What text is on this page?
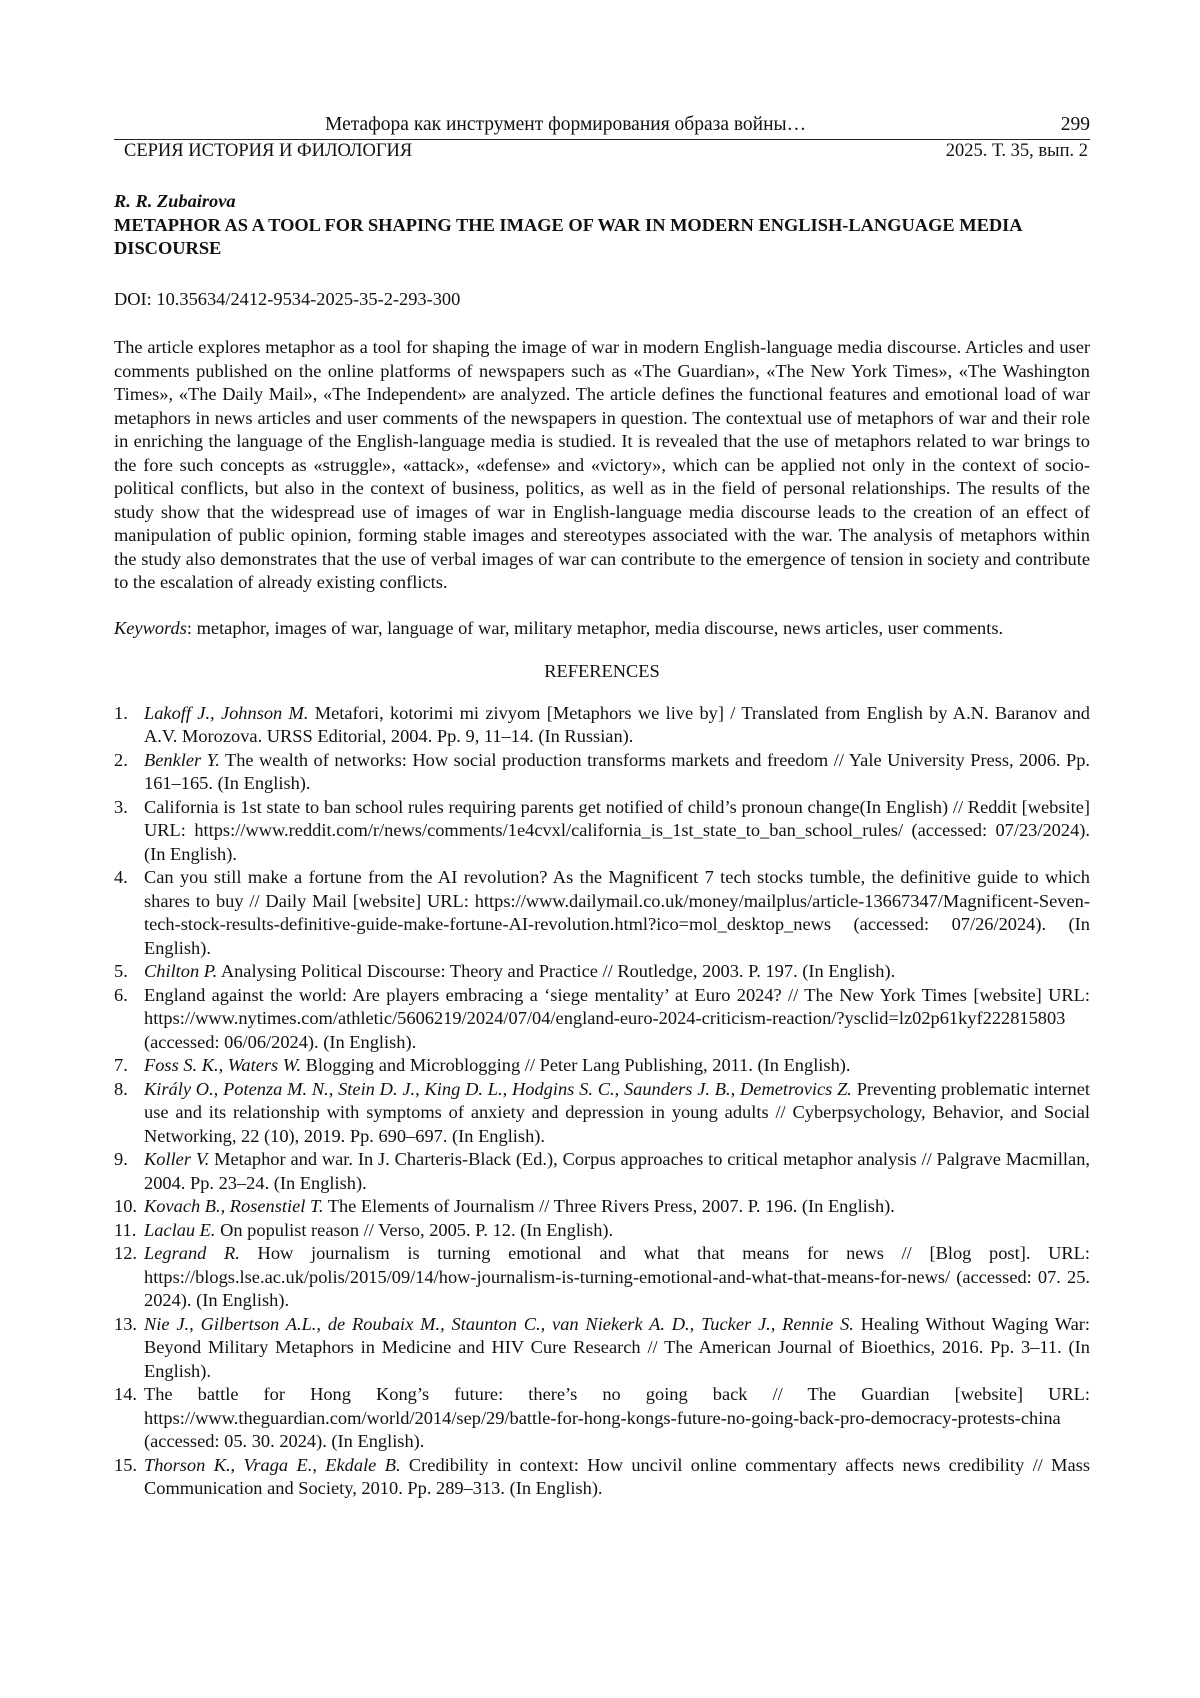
Метафора как инструмент формирования образа войны…	299
СЕРИЯ ИСТОРИЯ И ФИЛОЛОГИЯ	2025. Т. 35, вып. 2
R. R. Zubairova
METAPHOR AS A TOOL FOR SHAPING THE IMAGE OF WAR IN MODERN ENGLISH-LANGUAGE MEDIA DISCOURSE
DOI: 10.35634/2412-9534-2025-35-2-293-300
The article explores metaphor as a tool for shaping the image of war in modern English-language media discourse. Articles and user comments published on the online platforms of newspapers such as «The Guardian», «The New York Times», «The Washington Times», «The Daily Mail», «The Independent» are analyzed. The article defines the functional features and emotional load of war metaphors in news articles and user comments of the newspapers in question. The contextual use of metaphors of war and their role in enriching the language of the English-language media is studied. It is revealed that the use of metaphors related to war brings to the fore such concepts as «struggle», «attack», «defense» and «victory», which can be applied not only in the context of socio-political conflicts, but also in the context of business, politics, as well as in the field of personal relationships. The results of the study show that the widespread use of images of war in English-language media discourse leads to the creation of an effect of manipulation of public opinion, forming stable images and stereotypes associated with the war. The analysis of metaphors within the study also demonstrates that the use of verbal images of war can contribute to the emergence of tension in society and contribute to the escalation of already existing conflicts.
Keywords: metaphor, images of war, language of war, military metaphor, media discourse, news articles, user comments.
REFERENCES
1. Lakoff J., Johnson M. Metafori, kotorimi mi zivyom [Metaphors we live by] / Translated from English by A.N. Baranov and A.V. Morozova. URSS Editorial, 2004. Pp. 9, 11–14. (In Russian).
2. Benkler Y. The wealth of networks: How social production transforms markets and freedom // Yale University Press, 2006. Pp. 161–165. (In English).
3. California is 1st state to ban school rules requiring parents get notified of child’s pronoun change(In English) // Reddit [website] URL: https://www.reddit.com/r/news/comments/1e4cvxl/california_is_1st_state_to_ban_school_rules/ (accessed: 07/23/2024). (In English).
4. Can you still make a fortune from the AI revolution? As the Magnificent 7 tech stocks tumble, the definitive guide to which shares to buy // Daily Mail [website] URL: https://www.dailymail.co.uk/money/mailplus/article-13667347/Magnificent-Seven-tech-stock-results-definitive-guide-make-fortune-AI-revolution.html?ico=mol_desktop_news (accessed: 07/26/2024). (In English).
5. Chilton P. Analysing Political Discourse: Theory and Practice // Routledge, 2003. P. 197. (In English).
6. England against the world: Are players embracing a ‘siege mentality’ at Euro 2024? // The New York Times [website] URL: https://www.nytimes.com/athletic/5606219/2024/07/04/england-euro-2024-criticism-reaction/?ysclid=lz02p61kyf222815803 (accessed: 06/06/2024). (In English).
7. Foss S. K., Waters W. Blogging and Microblogging // Peter Lang Publishing, 2011. (In English).
8. Király O., Potenza M. N., Stein D. J., King D. L., Hodgins S. C., Saunders J. B., Demetrovics Z. Preventing problematic internet use and its relationship with symptoms of anxiety and depression in young adults // Cyberpsychology, Behavior, and Social Networking, 22 (10), 2019. Pp. 690–697. (In English).
9. Koller V. Metaphor and war. In J. Charteris-Black (Ed.), Corpus approaches to critical metaphor analysis // Palgrave Macmillan, 2004. Pp. 23–24. (In English).
10. Kovach B., Rosenstiel T. The Elements of Journalism // Three Rivers Press, 2007. P. 196. (In English).
11. Laclau E. On populist reason // Verso, 2005. P. 12. (In English).
12. Legrand R. How journalism is turning emotional and what that means for news // [Blog post]. URL: https://blogs.lse.ac.uk/polis/2015/09/14/how-journalism-is-turning-emotional-and-what-that-means-for-news/ (accessed: 07. 25. 2024). (In English).
13. Nie J., Gilbertson A.L., de Roubaix M., Staunton C., van Niekerk A. D., Tucker J., Rennie S. Healing Without Waging War: Beyond Military Metaphors in Medicine and HIV Cure Research // The American Journal of Bioethics, 2016. Pp. 3–11. (In English).
14. The battle for Hong Kong’s future: there’s no going back // The Guardian [website] URL: https://www.theguardian.com/world/2014/sep/29/battle-for-hong-kongs-future-no-going-back-pro-democracy-protests-china (accessed: 05. 30. 2024). (In English).
15. Thorson K., Vraga E., Ekdale B. Credibility in context: How uncivil online commentary affects news credibility // Mass Communication and Society, 2010. Pp. 289–313. (In English).
